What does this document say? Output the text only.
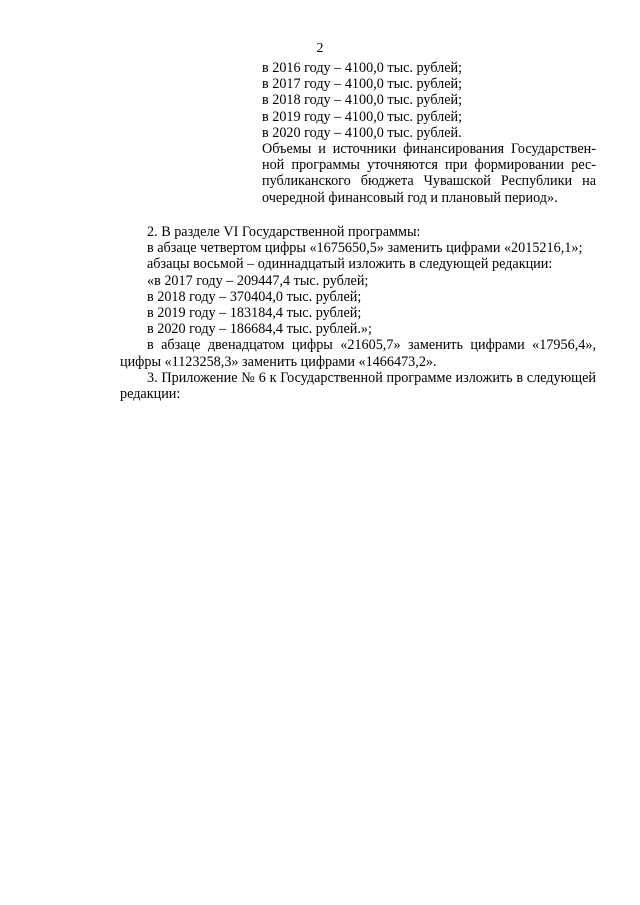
2
в 2016 году – 4100,0 тыс. рублей;
в 2017 году – 4100,0 тыс. рублей;
в 2018 году – 4100,0 тыс. рублей;
в 2019 году – 4100,0 тыс. рублей;
в 2020 году – 4100,0 тыс. рублей.
Объемы и источники финансирования Государствен-ной программы уточняются при формировании рес-публиканского бюджета Чувашской Республики на очередной финансовый год и плановый период».
2. В разделе VI Государственной программы:
в абзаце четвертом цифры «1675650,5» заменить цифрами «2015216,1»;
абзацы восьмой – одиннадцатый изложить в следующей редакции:
«в 2017 году – 209447,4 тыс. рублей;
в 2018 году – 370404,0 тыс. рублей;
в 2019 году – 183184,4 тыс. рублей;
в 2020 году – 186684,4 тыс. рублей.»;
в абзаце двенадцатом цифры «21605,7» заменить цифрами «17956,4», цифры «1123258,3» заменить цифрами «1466473,2».
3. Приложение № 6 к Государственной программе изложить в следующей редакции:
